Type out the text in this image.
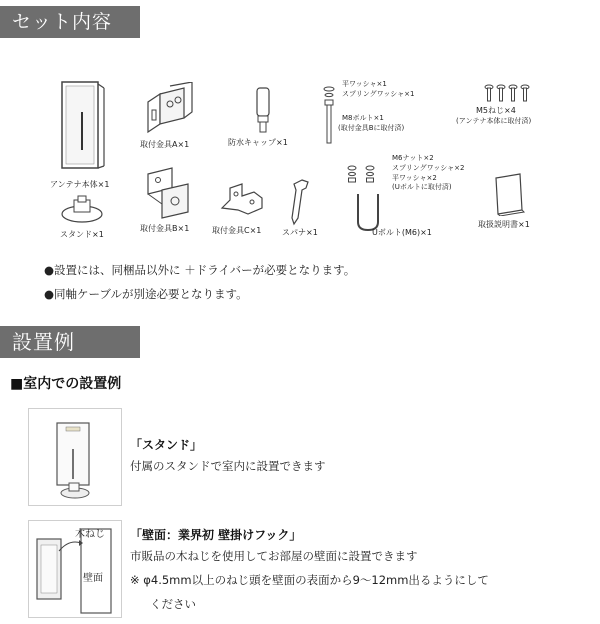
セット内容
アンテナ本体×1
取付金具A×1	防水キャップ×1
平ワッシャ×1
スプリングワッシャ×1
M8ボルト×1
(取付金具Bに取付済)
M5ねじ×4
(アンテナ本体に取付済)
スタンド×1
取付金具B×1	取付金具C×1	スパナ×1
M6ナット×2
スプリングワッシャ×2
平ワッシャ×2
(Uボルトに取付済)
Uボルト(M6)×1
取扱説明書×1
●設置には、同梱品以外に ＋ドライバーが必要となります。
●同軸ケーブルが別途必要となります。
設置例
■室内での設置例
「スタンド」
付属のスタンドで室内に設置できます
木ねじ
壁面
「壁面：業界初 壁掛けフック」
市販品の木ねじを使用してお部屋の壁面に設置できます
※ φ4.5mm以上のねじ頭を壁面の表面から9～12mm出るようにして
ください
